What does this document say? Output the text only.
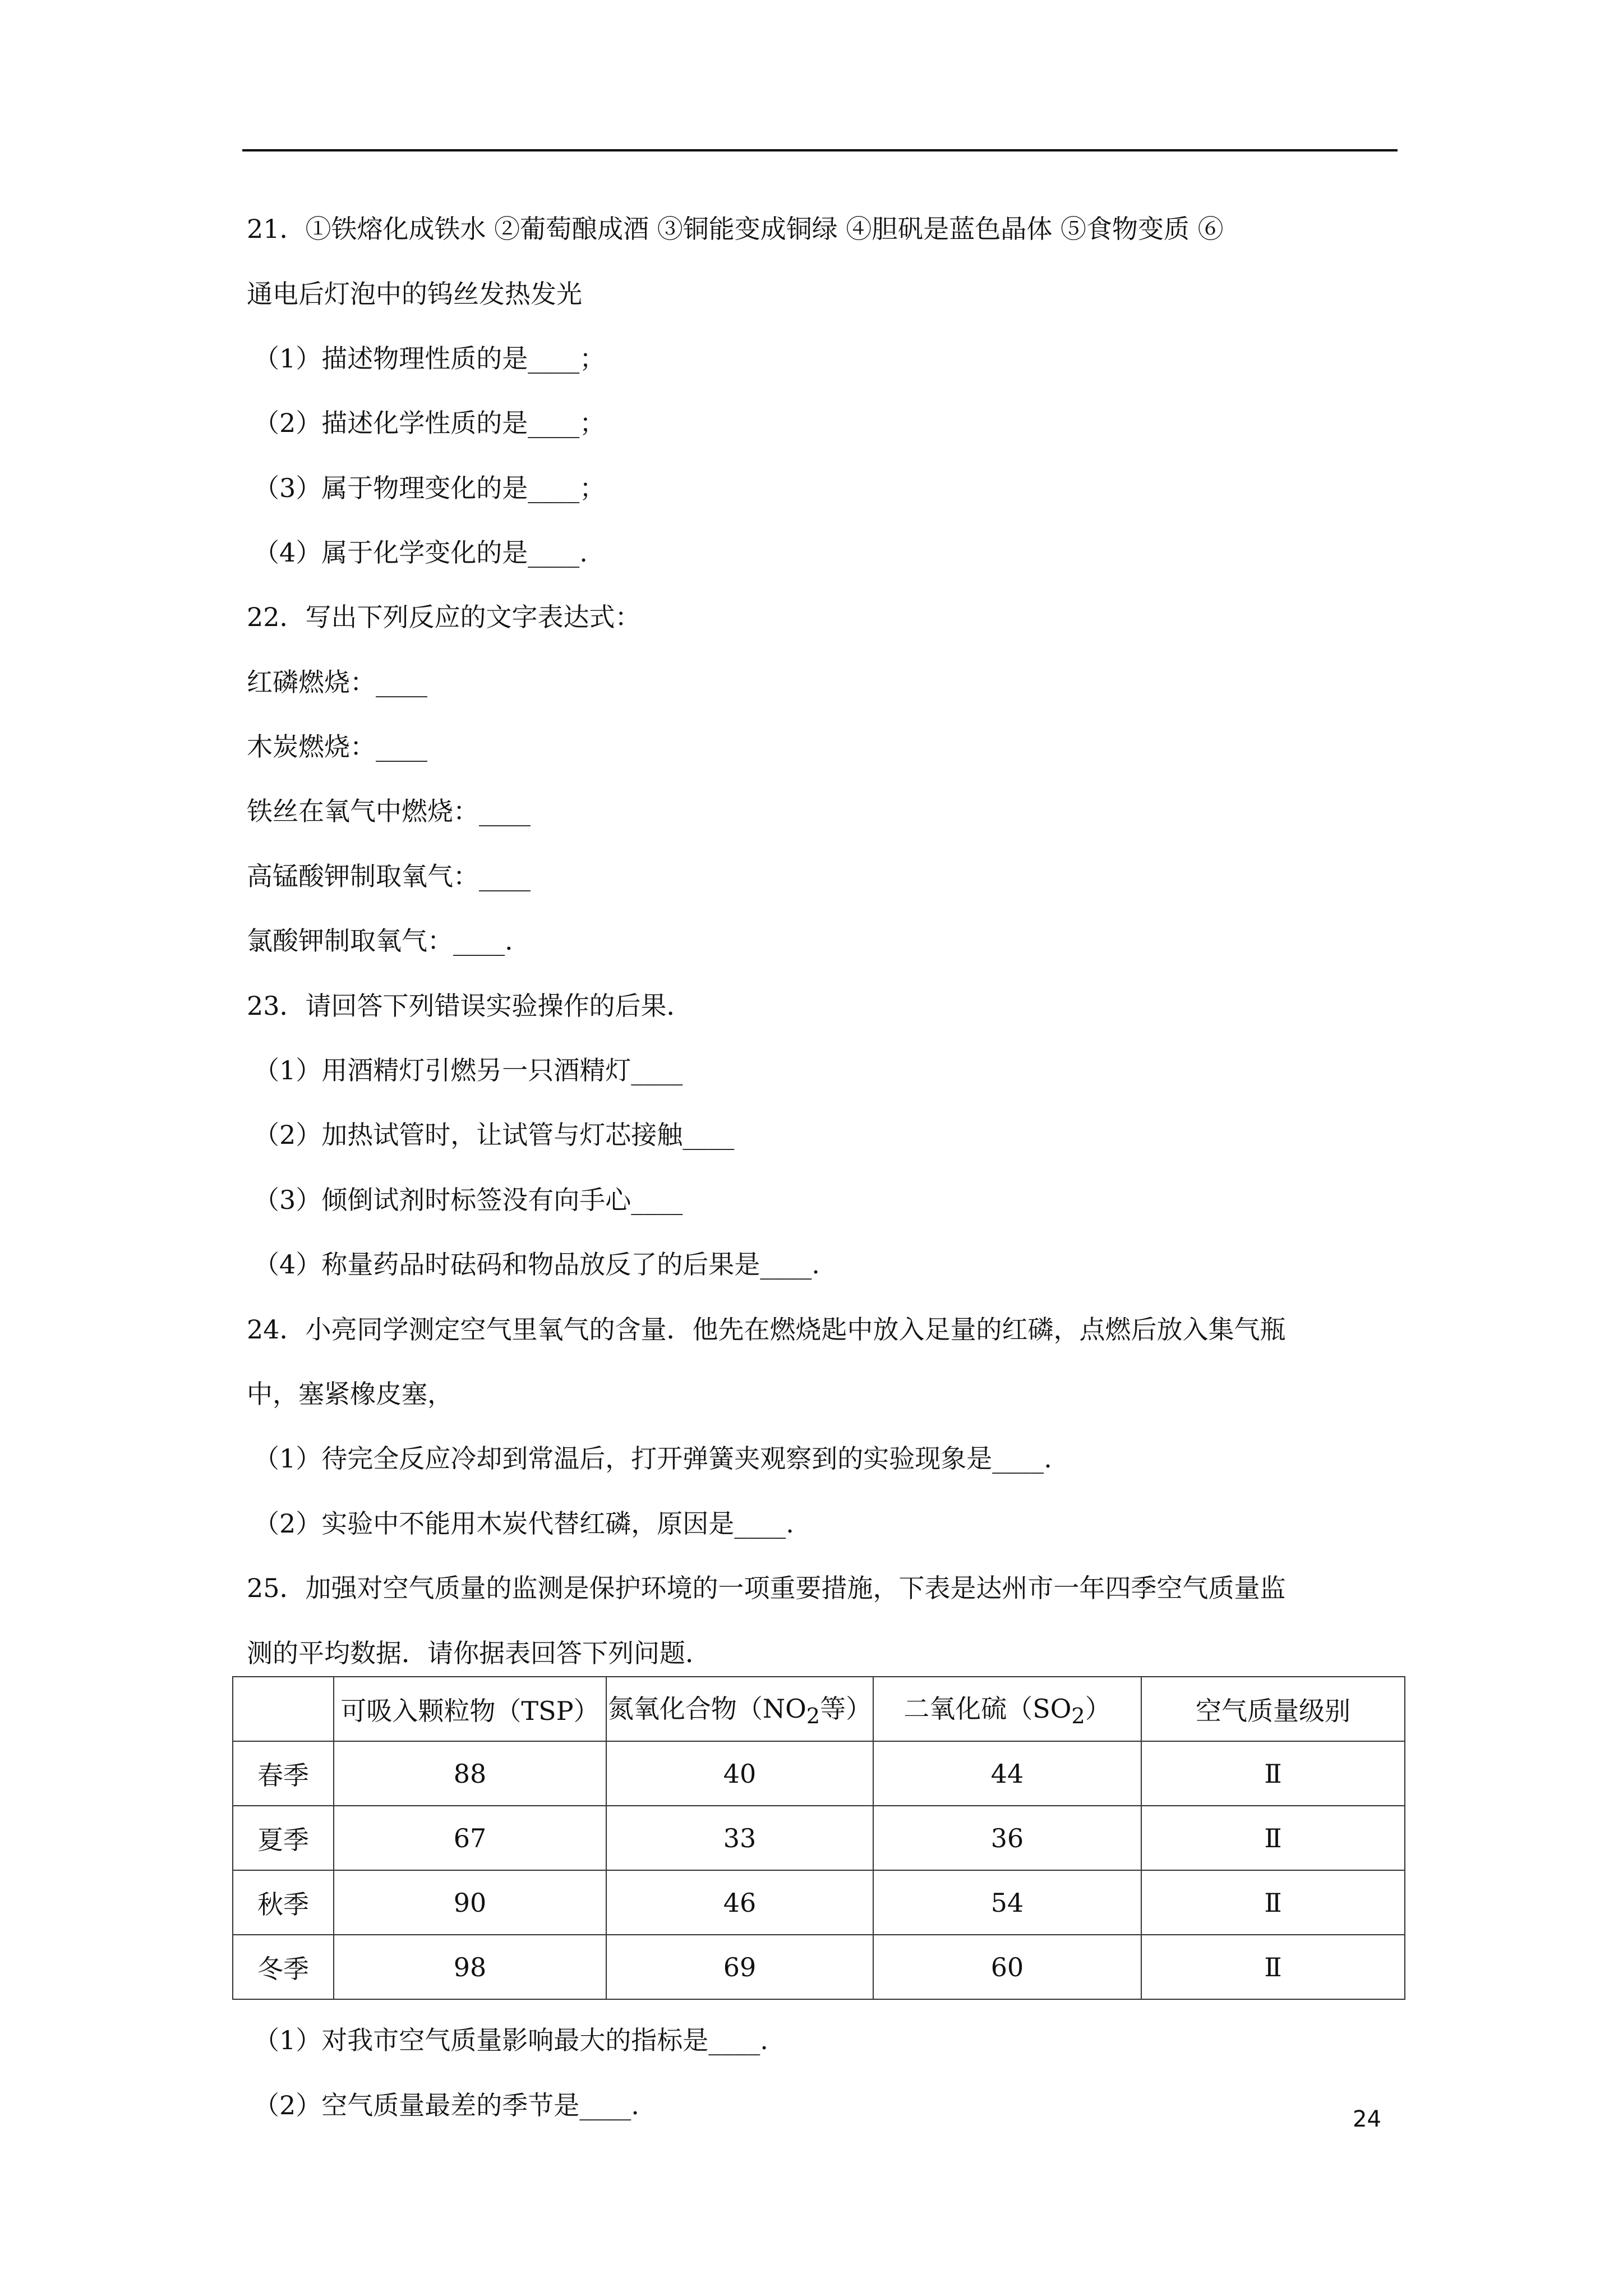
21．①铁熔化成铁水 ②葡萄酿成酒 ③铜能变成铜绿 ④胆矾是蓝色晶体 ⑤食物变质 ⑥
通电后灯泡中的钨丝发热发光
（1）描述物理性质的是____；
（2）描述化学性质的是____；
（3）属于物理变化的是____；
（4）属于化学变化的是____.
22．写出下列反应的文字表达式：
红磷燃烧：____
木炭燃烧：____
铁丝在氧气中燃烧：____
高锰酸钾制取氧气：____
氯酸钾制取氧气：____.
23．请回答下列错误实验操作的后果．
（1）用酒精灯引燃另一只酒精灯____
（2）加热试管时，让试管与灯芯接触____
（3）倾倒试剂时标签没有向手心____
（4）称量药品时砝码和物品放反了的后果是____.
24．小亮同学测定空气里氧气的含量．他先在燃烧匙中放入足量的红磷，点燃后放入集气瓶
中，塞紧橡皮塞，
（1）待完全反应冷却到常温后，打开弹簧夹观察到的实验现象是____.
（2）实验中不能用木炭代替红磷，原因是____.
25．加强对空气质量的监测是保护环境的一项重要措施，下表是达州市一年四季空气质量监
测的平均数据．请你据表回答下列问题．
	可吸入颗粒物（TSP）	氮氧化合物（$NO_2$等）	二氧化硫$(SO_2)$	空气质量级别
春季	88	40	44	Ⅱ
夏季	67	33	36	Ⅱ
秋季	90	46	54	Ⅱ
冬季	98	69	60	Ⅱ
（1）对我市空气质量影响最大的指标是____.
（2）空气质量最差的季节是____.	24
